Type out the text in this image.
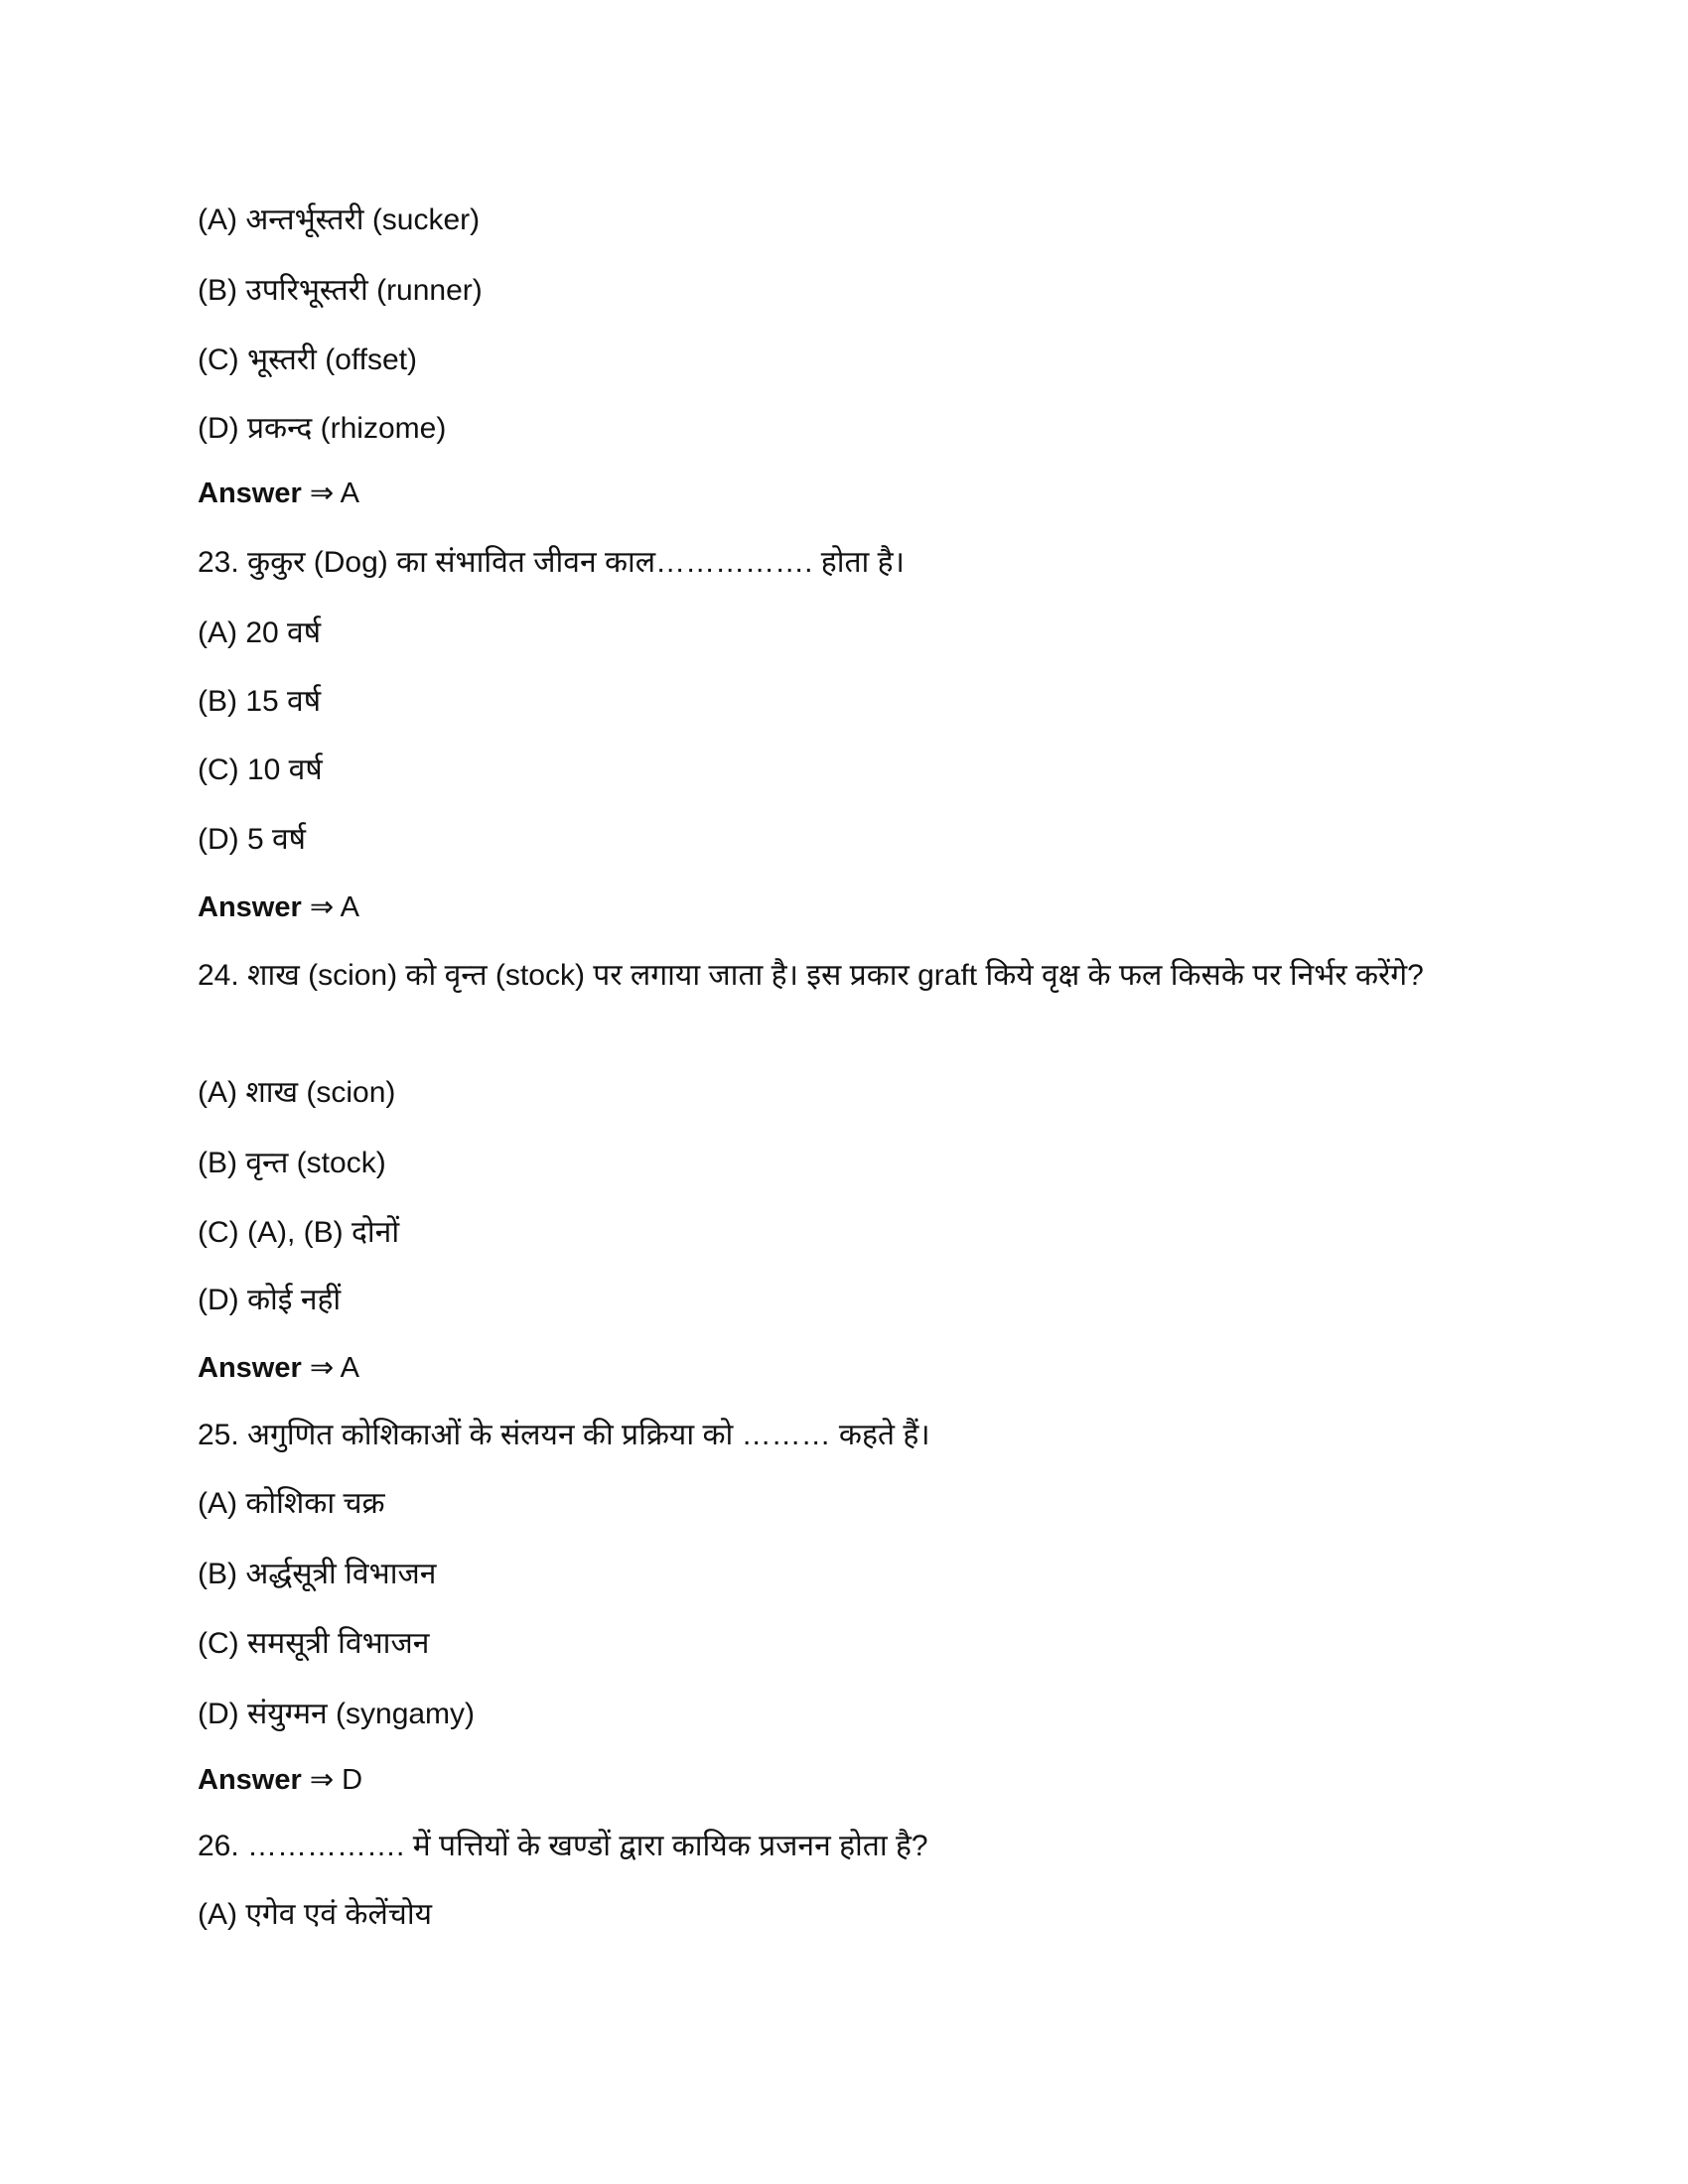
(A) अन्तर्भूस्तरी (sucker)
(B) उपरिभूस्तरी (runner)
(C) भूस्तरी (offset)
(D) प्रकन्द (rhizome)
Answer ⇒ A
23. कुकुर (Dog) का संभावित जीवन काल……………. होता है।
(A) 20 वर्ष
(B) 15 वर्ष
(C) 10 वर्ष
(D) 5 वर्ष
Answer ⇒ A
24. शाख (scion) को वृन्त (stock) पर लगाया जाता है। इस प्रकार graft किये वृक्ष के फल किसके पर निर्भर करेंगे?
(A) शाख (scion)
(B) वृन्त (stock)
(C) (A), (B) दोनों
(D) कोई नहीं
Answer ⇒ A
25. अगुणित कोशिकाओं के संलयन की प्रक्रिया को ……… कहते हैं।
(A) कोशिका चक्र
(B) अर्द्धसूत्री विभाजन
(C) समसूत्री विभाजन
(D) संयुग्मन (syngamy)
Answer ⇒ D
26. ……………. में पत्तियों के खण्डों द्वारा कायिक प्रजनन होता है?
(A) एगेव एवं केलेंचोय
